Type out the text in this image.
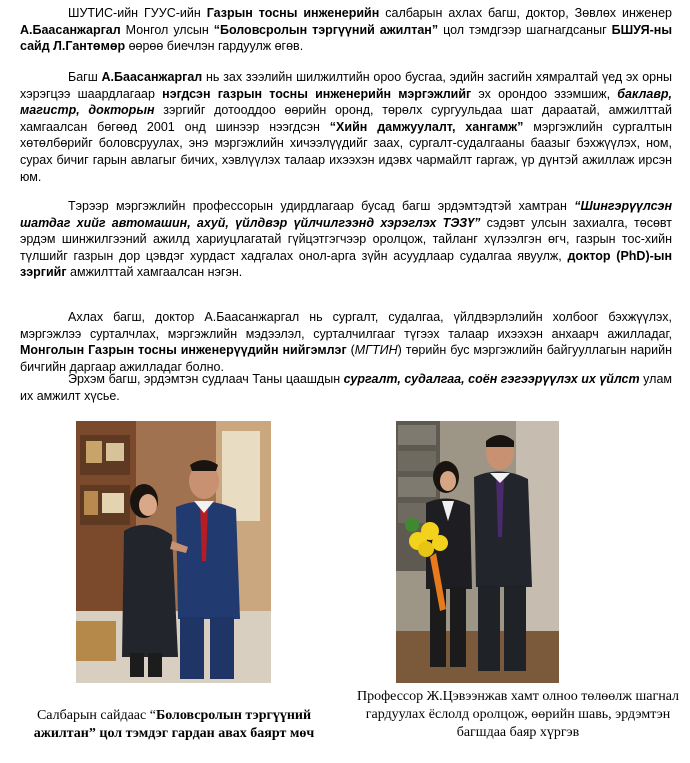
ШУТИС-ийн ГУУС-ийн Газрын тосны инженерийн салбарын ахлах багш, доктор, Зөвлөх инженер А.Баасанжаргал Монгол улсын “Боловсролын тэргүүний ажилтан” цол тэмдгээр шагнагдсаныг БШУЯ-ны сайд Л.Гантөмөр өөрөө биечлэн гардуулж өгөв.

Багш А.Баасанжаргал нь зах зээлийн шилжилтийн ороо бусгаа, эдийн засгийн хямралтай үед эх орны хэрэгцээ шаардлагаар нэгдсэн газрын тосны инженерийн мэргэжлийг эх орондоо эзэмшиж, баклавр, магистр, докторын зэргийг дотооддоо өөрийн оронд, төрөлх сургуульдаа шат дараатай, амжилттай хамгаалсан бөгөөд 2001 онд шинээр нээгдсэн “Хийн дамжуулалт, хангамж” мэргэжлийн сургалтын хөтөлбөрийг боловсруулах, энэ мэргэжлийн хичээлүүдийг заах, сургалт-судалгааны баазыг бэхжүүлэх, ном, сурах бичиг гарын авлагыг бичих, хэвлүүлэх талаар ихээхэн идэвх чармайлт гаргаж, үр дүнтэй ажиллаж ирсэн юм.

Тэрээр мэргэжлийн профессорын удирдлагаар бусад багш эрдэмтэдтэй хамтран “Шингэрүүлсэн шатдаг хийг автомашин, ахуй, үйлдвэр үйлчилгээнд хэрэглэх ТЭЗҮ” сэдэвт улсын захиалга, төсөвт эрдэм шинжилгээний ажилд хариуцлагатай гүйцэтгэгчээр оролцож, тайланг хүлээлгэн өгч, газрын тос-хийн түлшийг газрын дор цэвдэг хурдаст хадгалах онол-арга зүйн асуудлаар судалгаа явуулж, доктор (PhD)-ын зэргийг амжилттай хамгаалсан нэгэн.

Ахлах багш, доктор А.Баасанжаргал нь сургалт, судалгаа, үйлдвэрлэлийн холбоог бэхжүүлэх, мэргэжлээ сурталчлах, мэргэжлийн мэдээлэл, сурталчилгааг түгээх талаар ихээхэн анхаарч ажилладаг, Монголын Газрын тосны инженерүүдийн нийгэмлэг (МГТИН) төрийн бус мэргэжлийн байгууллагын нарийн бичгийн даргаар ажилладаг болно.

Эрхэм багш, эрдэмтэн судлаач Таны цаашдын сургалт, судалгаа, соён гэгээрүүлэх их үйлст улам их амжилт хүсье.

Салбарын сайдаас “Боловсролын тэргүүний ажилтан” цол тэмдэг гардан авах баярт мөч
Профессор Ж.Цэвээнжав хамт олноо төлөөлж шагнал гардуулах ёслолд оролцож, өөрийн шавь, эрдэмтэн багшдаа баяр хүргэв
